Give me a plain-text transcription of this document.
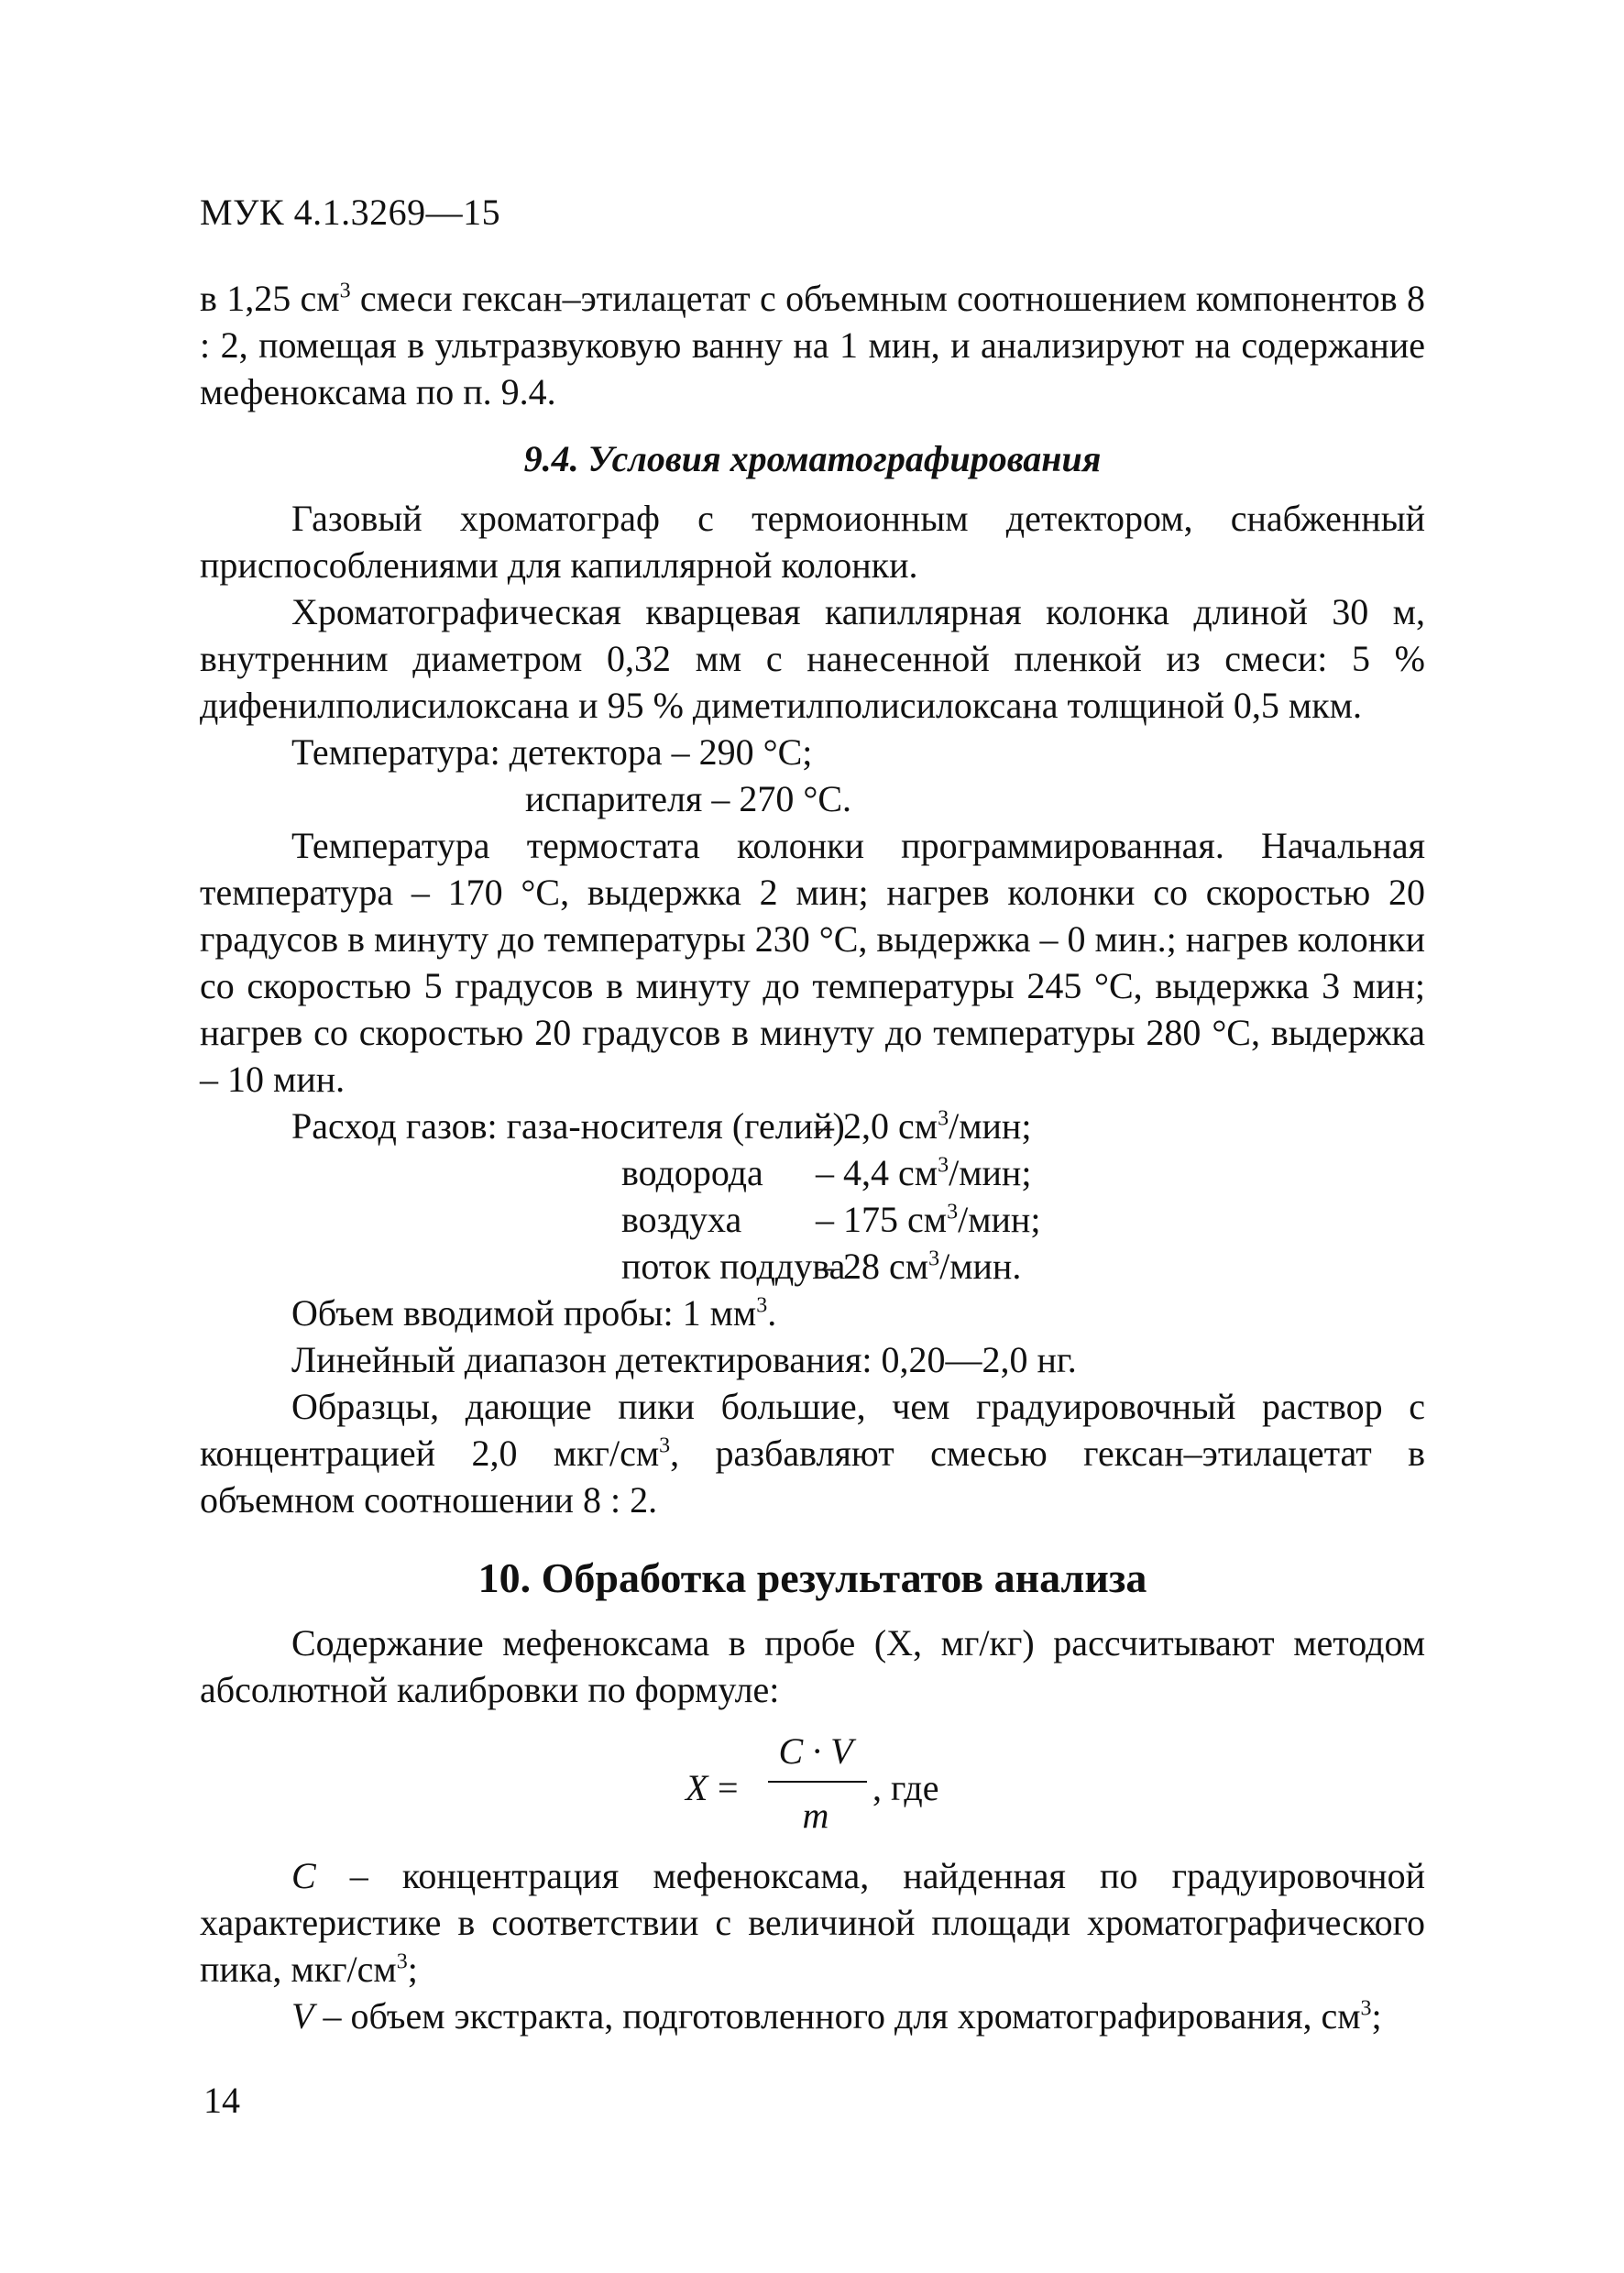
МУК 4.1.3269—15

в 1,25 $см^3$ смеси гексан–этилацетат с объемным соотношением компонентов 8 : 2, помещая в ультразвуковую ванну на 1 мин, и анализируют на содержание мефеноксама по п. 9.4.

9.4. Условия хроматографирования

Газовый хроматограф с термоионным детектором, снабженный приспособлениями для капиллярной колонки.

Хроматографическая кварцевая капиллярная колонка длиной 30 м, внутренним диаметром 0,32 мм с нанесенной пленкой из смеси: 5 % дифенилполисилоксана и 95 % диметилполисилоксана толщиной 0,5 мкм.

Температура: детектора – 290 °С;

испарителя – 270 °С.

Температура термостата колонки программированная. Начальная температура – 170 °С, выдержка 2 мин; нагрев колонки со скоростью 20 градусов в минуту до температуры 230 °С, выдержка – 0 мин.; нагрев колонки со скоростью 5 градусов в минуту до температуры 245 °С, выдержка 3 мин; нагрев со скоростью 20 градусов в минуту до температуры 280 °С, выдержка – 10 мин.

Расход газов: газа-носителя (гелий)
– 2,0 $см^3$/мин;
водорода	– 4,4 $см^3$/мин;
воздуха	– 175 $см^3$/мин;
поток поддува
– 28 $см^3$/мин.

Объем вводимой пробы: 1 $мм^3$.

Линейный диапазон детектирования: 0,20—2,0 нг.

Образцы, дающие пики большие, чем градуировочный раствор с концентрацией 2,0 мкг/$см^3$, разбавляют смесью гексан–этилацетат в объемном соотношении 8 : 2.

10. Обработка результатов анализа

Содержание мефеноксама в пробе (X, мг/кг) рассчитывают методом абсолютной калибровки по формуле:

X =
C · V
m
, где

С – концентрация мефеноксама, найденная по градуировочной характеристике в соответствии с величиной площади хроматографического пика, мкг/$см^3$;

V – объем экстракта, подготовленного для хроматографирования, $см^3$;

14
